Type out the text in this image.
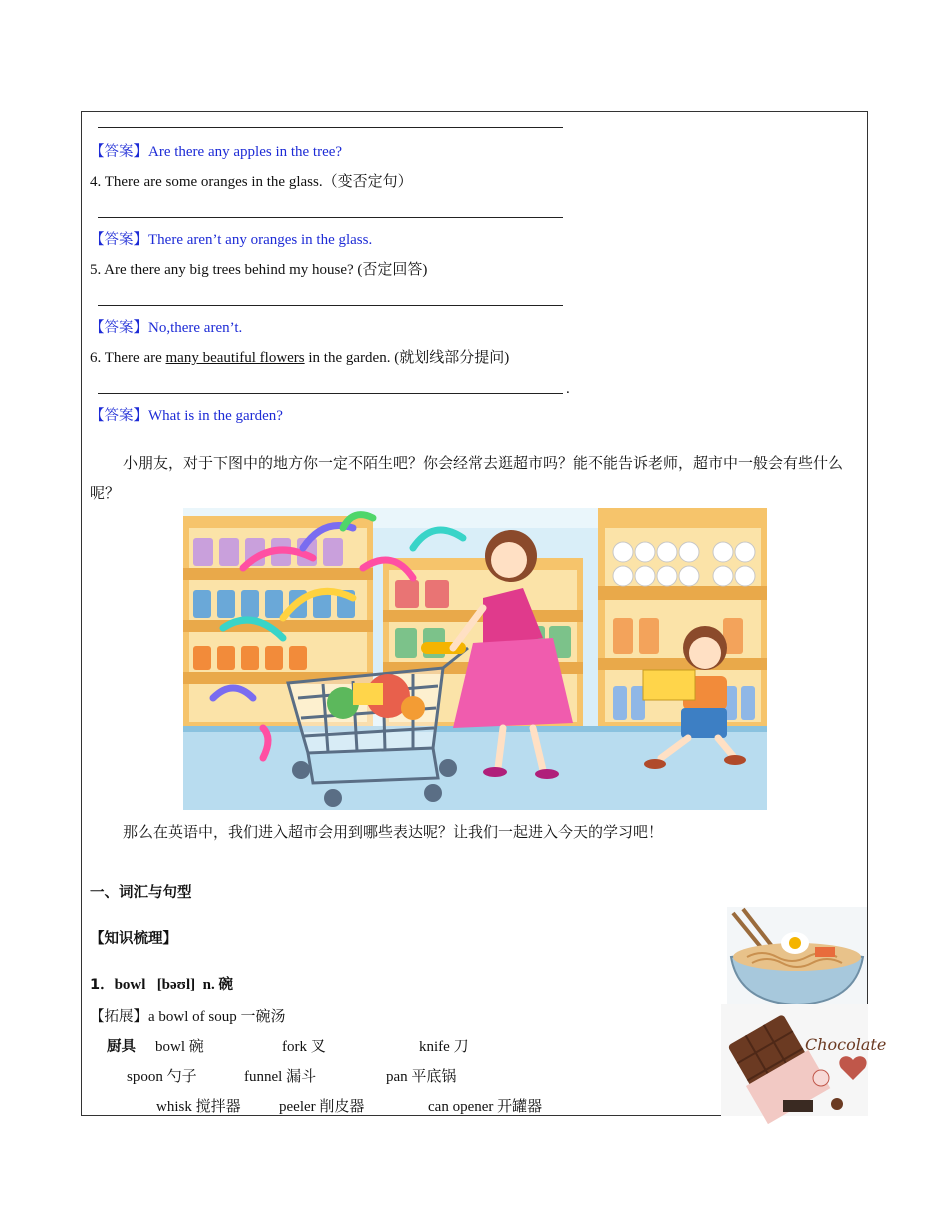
【答案】Are there any apples in the tree?
4. There are some oranges in the glass.（变否定句）
【答案】There aren’t any oranges in the glass.
5. Are there any big trees behind my house? (否定回答)
【答案】No,there aren’t.
6. There are many beautiful flowers in the garden. (就划线部分提问)
.
【答案】What is in the garden?
小朋友，对于下图中的地方你一定不陌生吧？你会经常去逛超市吗？能不能告诉老师，超市中一般会有些什么呢？
那么在英语中，我们进入超市会用到哪些表达呢？让我们一起进入今天的学习吧！
一、词汇与句型
【知识梳理】
1．bowl [bəʊl] n. 碗
【拓展】a bowl of soup 一碗汤
厨具 bowl 碗	fork 叉	knife 刀
spoon 勺子	funnel 漏斗	pan 平底锅
whisk 搅拌器	peeler 削皮器	can opener 开罐器
Chocolate
